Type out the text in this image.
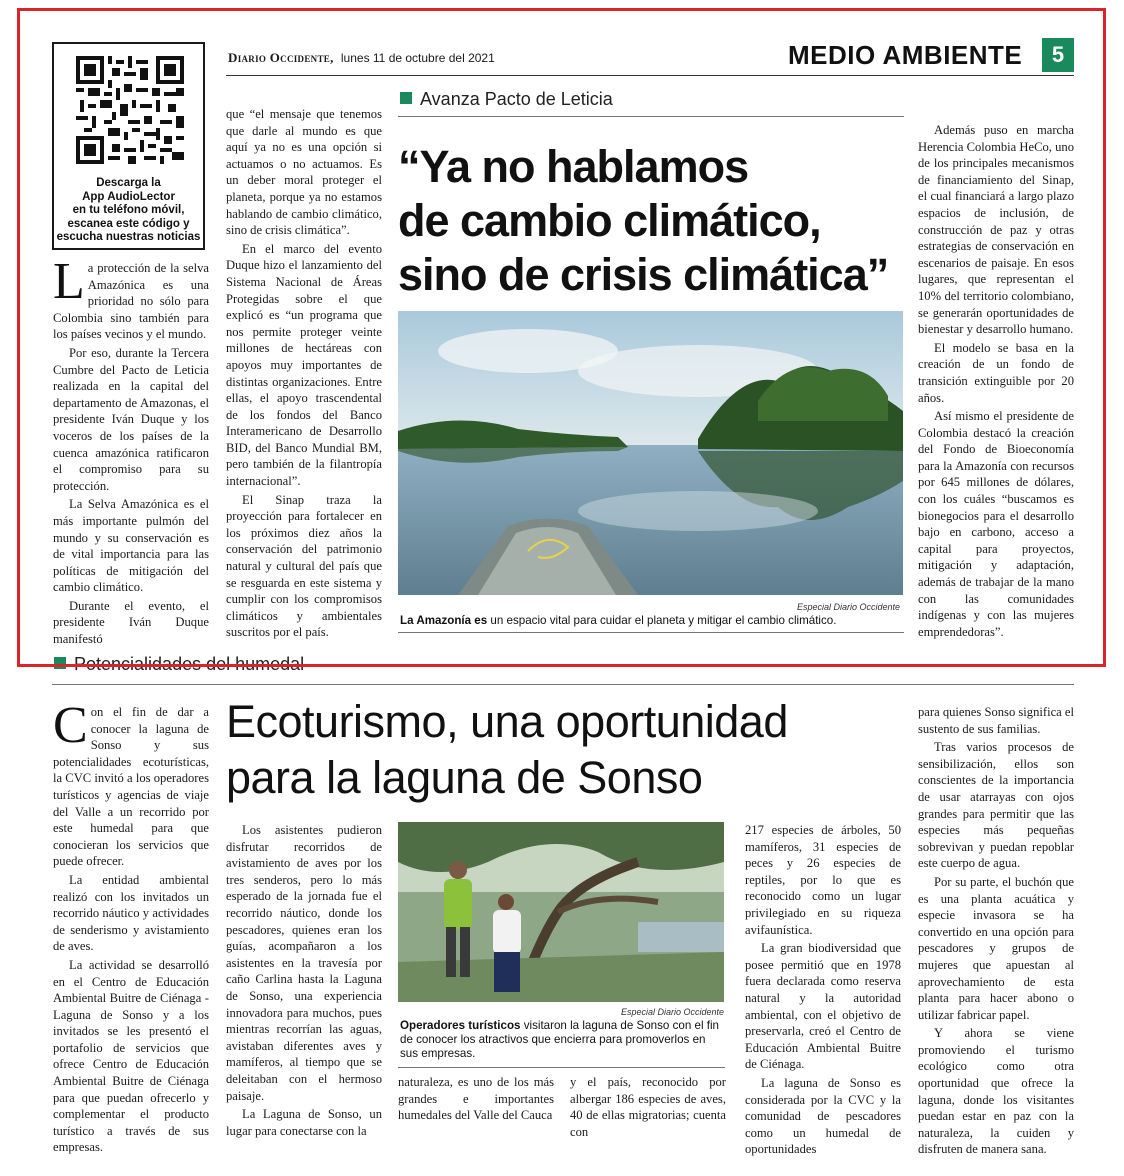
Descarga la
App AudioLector
en tu teléfono móvil,
escanea este código y
escucha nuestras noticias
Diario Occidente, lunes 11 de octubre del 2021	MEDIO AMBIENTE	5
Avanza Pacto de Leticia
“Ya no hablamos
de cambio climático,
sino de crisis climática”

La protección de la selva Amazónica es una prioridad no sólo para Colombia sino también para los países vecinos y el mundo.

Por eso, durante la Tercera Cumbre del Pacto de Leticia realizada en la capital del departamento de Amazonas, el presidente Iván Duque y los voceros de los países de la cuenca amazónica ratificaron el compromiso para su protección.

La Selva Amazónica es el más importante pulmón del mundo y su conservación es de vital importancia para las políticas de mitigación del cambio climático.

Durante el evento, el presidente Iván Duque manifestó

que “el mensaje que tenemos que darle al mundo es que aquí ya no es una opción si actuamos o no actuamos. Es un deber moral proteger el planeta, porque ya no estamos hablando de cambio climático, sino de crisis climática”.

En el marco del evento Duque hizo el lanzamiento del Sistema Nacional de Áreas Protegidas sobre el que explicó es “un programa que nos permite proteger veinte millones de hectáreas con apoyos muy importantes de distintas organizaciones. Entre ellas, el apoyo trascendental de los fondos del Banco Interamericano de Desarrollo BID, del Banco Mundial BM, pero también de la filantropía internacional”.

El Sinap traza la proyección para fortalecer en los próximos diez años la conservación del patrimonio natural y cultural del país que se resguarda en este sistema y cumplir con los compromisos climáticos y ambientales suscritos por el país.

Especial Diario Occidente
La Amazonía es un espacio vital para cuidar el planeta y mitigar el cambio climático.

Además puso en marcha Herencia Colombia HeCo, uno de los principales mecanismos de financiamiento del Sinap, el cual financiará a largo plazo espacios de inclusión, de construcción de paz y otras estrategias de conservación en escenarios de paisaje. En esos lugares, que representan el 10% del territorio colombiano, se generarán oportunidades de bienestar y desarrollo humano.

El modelo se basa en la creación de un fondo de transición extinguible por 20 años.

Así mismo el presidente de Colombia destacó la creación del Fondo de Bioeconomía para la Amazonía con recursos por 645 millones de dólares, con los cuáles “buscamos es bionegocios para el desarrollo bajo en carbono, acceso a capital para proyectos, mitigación y adaptación, además de trabajar de la mano con las comunidades indígenas y con las mujeres emprendedoras”.

Potencialidades del humedal
Ecoturismo, una oportunidad
para la laguna de Sonso

Con el fin de dar a conocer la laguna de Sonso y sus potencialidades ecoturísticas, la CVC invitó a los operadores turísticos y agencias de viaje del Valle a un recorrido por este humedal para que conocieran los servicios que puede ofrecer.

La entidad ambiental realizó con los invitados un recorrido náutico y actividades de senderismo y avistamiento de aves.

La actividad se desarrolló en el Centro de Educación Ambiental Buitre de Ciénaga - Laguna de Sonso y a los invitados se les presentó el portafolio de servicios que ofrece Centro de Educación Ambiental Buitre de Ciénaga para que puedan ofrecerlo y complementar el producto turístico a través de sus empresas.

Los asistentes pudieron disfrutar recorridos de avistamiento de aves por los tres senderos, pero lo más esperado de la jornada fue el recorrido náutico, donde los pescadores, quienes eran los guías, acompañaron a los asistentes en la travesía por caño Carlina hasta la Laguna de Sonso, una experiencia innovadora para muchos, pues mientras recorrían las aguas, avistaban diferentes aves y mamíferos, al tiempo que se deleitaban con el hermoso paisaje.

La Laguna de Sonso, un lugar para conectarse con la

Especial Diario Occidente
Operadores turísticos visitaron la laguna de Sonso con el fin de conocer los atractivos que encierra para promoverlos en sus empresas.

naturaleza, es uno de los más grandes e importantes humedales del Valle del Cauca

y el país, reconocido por albergar 186 especies de aves, 40 de ellas migratorias; cuenta con

217 especies de árboles, 50 mamíferos, 31 especies de peces y 26 especies de reptiles, por lo que es reconocido como un lugar privilegiado en su riqueza avifaunística.

La gran biodiversidad que posee permitió que en 1978 fuera declarada como reserva natural y la autoridad ambiental, con el objetivo de preservarla, creó el Centro de Educación Ambiental Buitre de Ciénaga.

La laguna de Sonso es considerada por la CVC y la comunidad de pescadores como un humedal de oportunidades

para quienes Sonso significa el sustento de sus familias.

Tras varios procesos de sensibilización, ellos son conscientes de la importancia de usar atarrayas con ojos grandes para permitir que las especies más pequeñas sobrevivan y puedan repoblar este cuerpo de agua.

Por su parte, el buchón que es una planta acuática y especie invasora se ha convertido en una opción para pescadores y grupos de mujeres que apuestan al aprovechamiento de esta planta para hacer abono o utilizar fabricar papel.

Y ahora se viene promoviendo el turismo ecológico como otra oportunidad que ofrece la laguna, donde los visitantes puedan estar en paz con la naturaleza, la cuiden y disfruten de manera sana.
